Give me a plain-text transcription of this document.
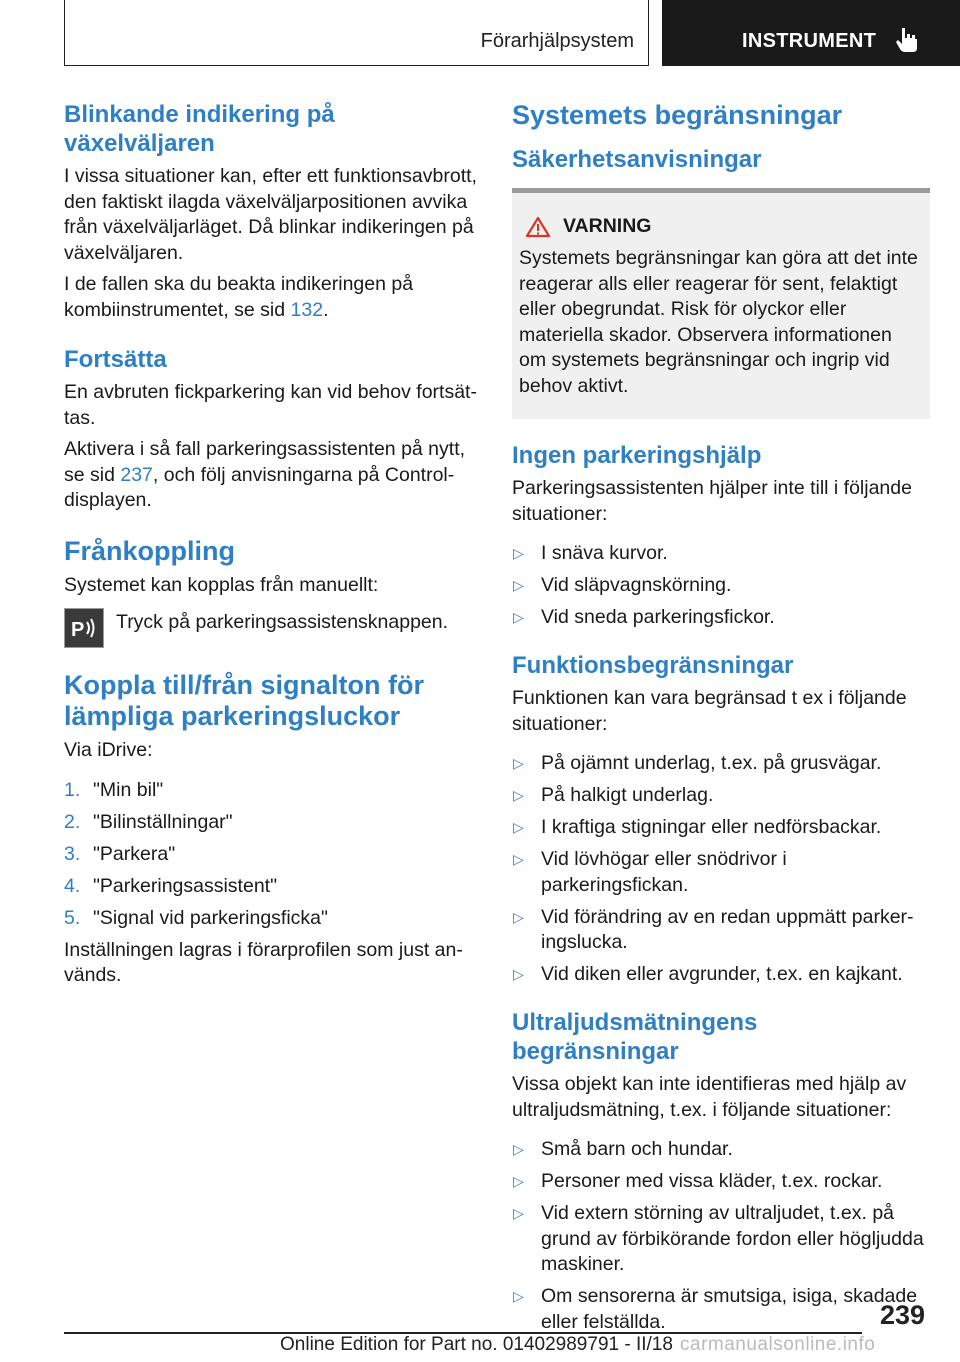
Förarhjälpsystem	INSTRUMENT
Blinkande indikering på växelväljaren

I vissa situationer kan, efter ett funktionsavbrott, den faktiskt ilagda växelväljarpositionen avvika från växelväljarläget. Då blinkar indikeringen på växelväljaren.

I de fallen ska du beakta indikeringen på kombiinstrumentet, se sid 132.

Fortsätta

En avbruten fickparkering kan vid behov fortsättas.

Aktivera i så fall parkeringsassistenten på nytt, se sid 237, och följ anvisningarna på Control-displayen.

Frånkoppling

Systemet kan kopplas från manuellt:

P Tryck på parkeringsassistensknappen.

Koppla till/från signalton för lämpliga parkeringsluckor

Via iDrive:

1. "Min bil"
2. "Bilinställningar"
3. "Parkera"
4. "Parkeringsassistent"
5. "Signal vid parkeringsficka"

Inställningen lagras i förarprofilen som just används.

Systemets begränsningar
Säkerhetsanvisningar
VARNING

Systemets begränsningar kan göra att det inte reagerar alls eller reagerar för sent, felaktigt eller obegrundat. Risk för olyckor eller materiella skador. Observera informationen om systemets begränsningar och ingrip vid behov aktivt.

Ingen parkeringshjälp

Parkeringsassistenten hjälper inte till i följande situationer:

▷ I snäva kurvor.
▷ Vid släpvagnskörning.
▷ Vid sneda parkeringsfickor.
Funktionsbegränsningar

Funktionen kan vara begränsad t ex i följande situationer:

▷ På ojämnt underlag, t.ex. på grusvägar.
▷ På halkigt underlag.
▷ I kraftiga stigningar eller nedförsbackar.
▷ Vid lövhögar eller snödrivor i parkeringsfickan.
▷ Vid förändring av en redan uppmätt parkeringslucka.
▷ Vid diken eller avgrunder, t.ex. en kajkant.
Ultraljudsmätningens begränsningar

Vissa objekt kan inte identifieras med hjälp av ultraljudsmätning, t.ex. i följande situationer:

▷ Små barn och hundar.
▷ Personer med vissa kläder, t.ex. rockar.
▷ Vid extern störning av ultraljudet, t.ex. på grund av förbikörande fordon eller högljudda maskiner.
▷ Om sensorerna är smutsiga, isiga, skadade eller felställda.	239
Online Edition for Part no. 01402989791 - II/18 carmanualsonline.info
